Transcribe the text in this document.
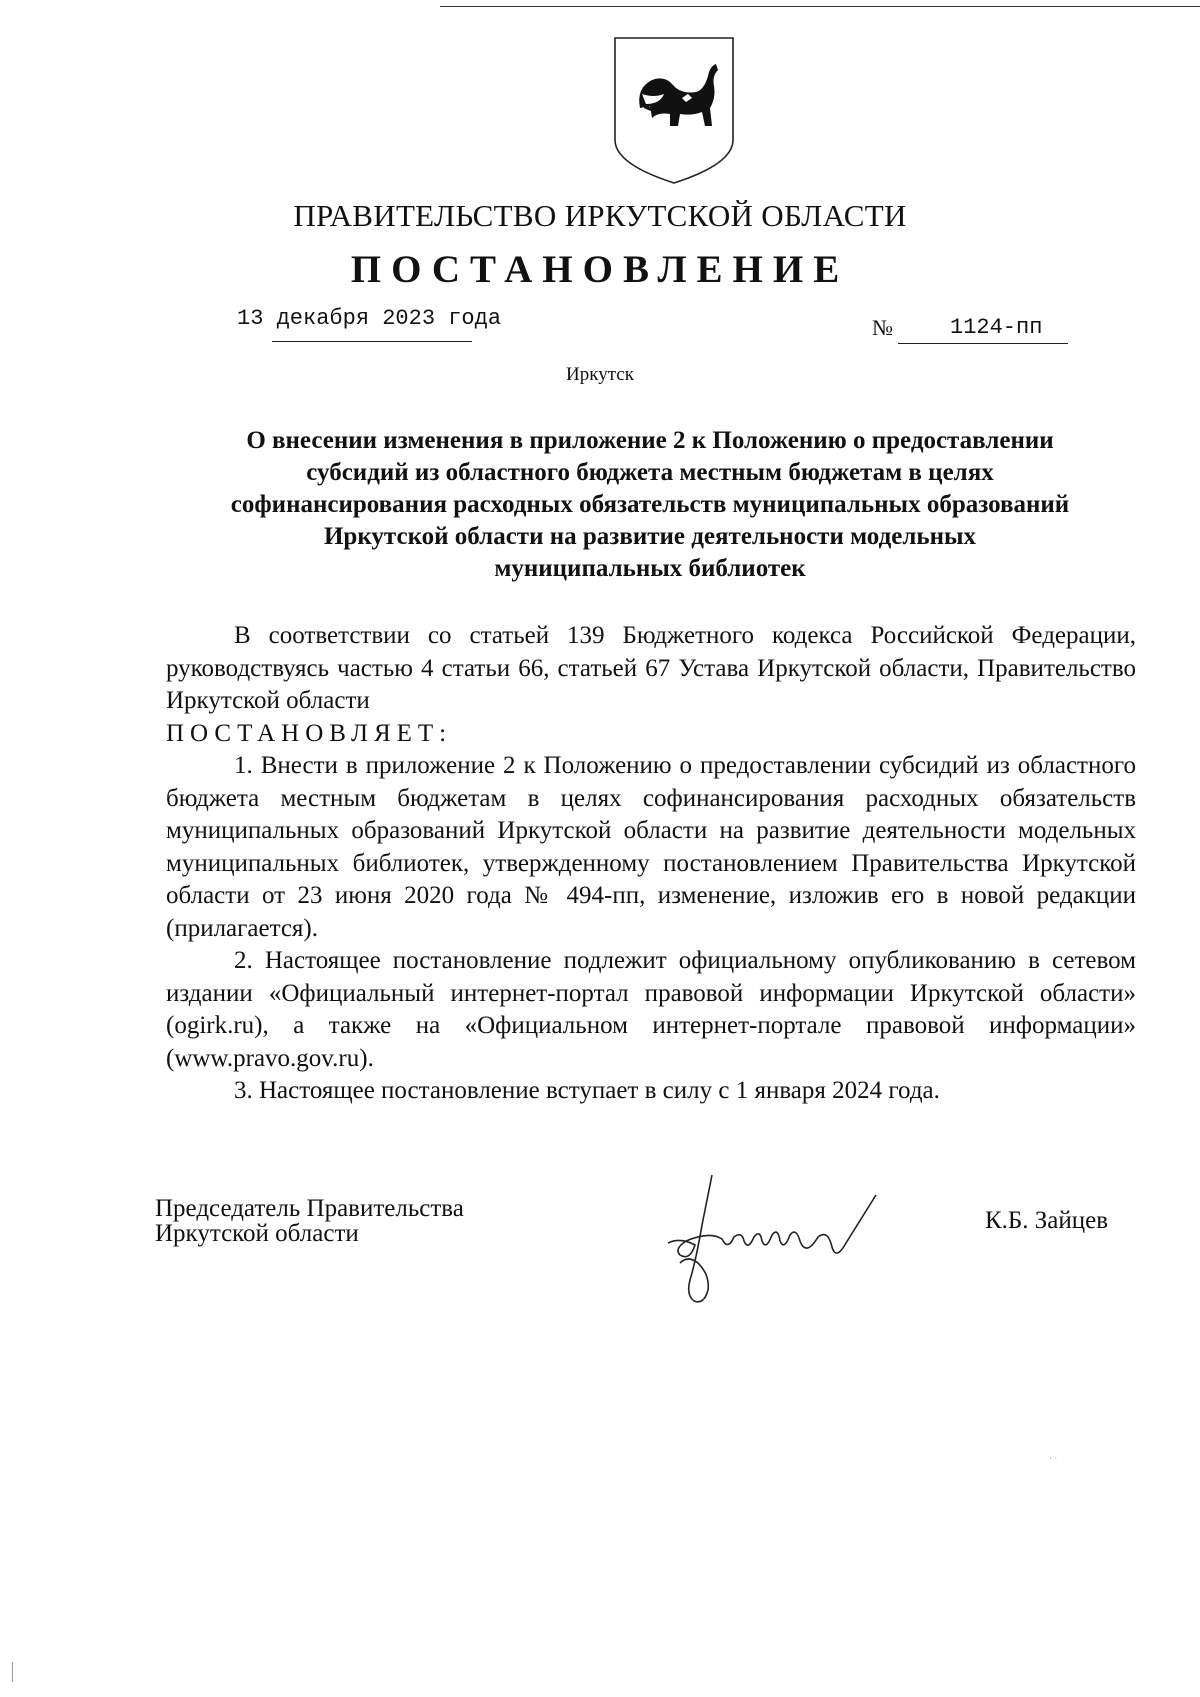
ПРАВИТЕЛЬСТВО ИРКУТСКОЙ ОБЛАСТИ
ПОСТАНОВЛЕНИЕ
13 декабря 2023 года	№	1124-пп
Иркутск
О внесении изменения в приложение 2 к Положению о предоставлении
субсидий из областного бюджета местным бюджетам в целях
софинансирования расходных обязательств муниципальных образований
Иркутской области на развитие деятельности модельных
муниципальных библиотек

В соответствии со статьей 139 Бюджетного кодекса Российской Федерации, руководствуясь частью 4 статьи 66, статьей 67 Устава Иркутской области, Правительство Иркутской области

ПОСТАНОВЛЯЕТ:

1. Внести в приложение 2 к Положению о предоставлении субсидий из областного бюджета местным бюджетам в целях софинансирования расходных обязательств муниципальных образований Иркутской области на развитие деятельности модельных муниципальных библиотек, утвержденному постановлением Правительства Иркутской области от 23 июня 2020 года № 494-пп, изменение, изложив его в новой редакции (прилагается).

2. Настоящее постановление подлежит официальному опубликованию в сетевом издании «Официальный интернет-портал правовой информации Иркутской области» (ogirk.ru), а также на «Официальном интернет-портале правовой информации» (www.pravo.gov.ru).

3. Настоящее постановление вступает в силу с 1 января 2024 года.

Председатель Правительства
Иркутской области	К.Б. Зайцев
· ·
